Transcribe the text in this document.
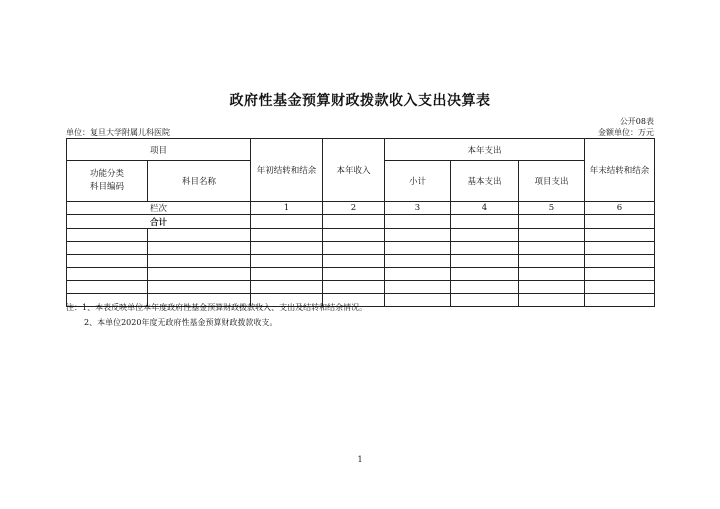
政府性基金预算财政拨款收入支出决算表
公开08表
单位：复旦大学附属儿科医院	金额单位：万元
项目		年初结转和结余	本年收入	本年支出			年末结转和结余

功能分类
科目编码	科目名称			小计	基本支出	项目支出	
栏次		1	2	3	4	5	6
合计							

注：1、本表反映单位本年度政府性基金预算财政拨款收入、支出及结转和结余情况。
2、本单位2020年度无政府性基金预算财政拨款收支。
1
